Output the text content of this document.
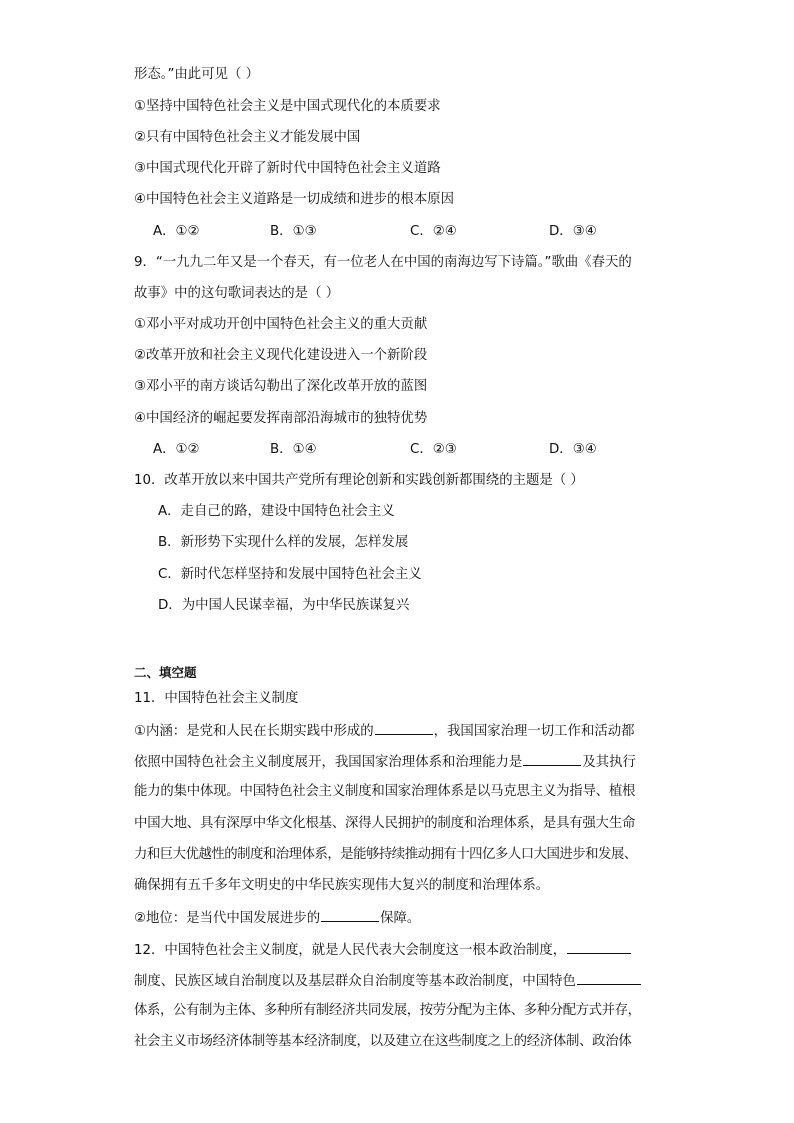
形态。”由此可见（ ）
①坚持中国特色社会主义是中国式现代化的本质要求
②只有中国特色社会主义才能发展中国
③中国式现代化开辟了新时代中国特色社会主义道路
④中国特色社会主义道路是一切成绩和进步的根本原因
A．①②	B．①③	C．②④	D．③④
9．“一九九二年又是一个春天，有一位老人在中国的南海边写下诗篇。”歌曲《春天的
故事》中的这句歌词表达的是（ ）
①邓小平对成功开创中国特色社会主义的重大贡献
②改革开放和社会主义现代化建设进入一个新阶段
③邓小平的南方谈话勾勒出了深化改革开放的蓝图
④中国经济的崛起要发挥南部沿海城市的独特优势
A．①②	B．①④	C．②③	D．③④
10．改革开放以来中国共产党所有理论创新和实践创新都围绕的主题是（ ）
A．走自己的路，建设中国特色社会主义
B．新形势下实现什么样的发展，怎样发展
C．新时代怎样坚持和发展中国特色社会主义
D．为中国人民谋幸福，为中华民族谋复兴
二、填空题
11．中国特色社会主义制度
①内涵：是党和人民在长期实践中形成的	，我国国家治理一切工作和活动都
依照中国特色社会主义制度展开，我国国家治理体系和治理能力是	及其执行
能力的集中体现。中国特色社会主义制度和国家治理体系是以马克思主义为指导、植根
中国大地、具有深厚中华文化根基、深得人民拥护的制度和治理体系，是具有强大生命
力和巨大优越性的制度和治理体系，是能够持续推动拥有十四亿多人口大国进步和发展、
确保拥有五千多年文明史的中华民族实现伟大复兴的制度和治理体系。
②地位：是当代中国发展进步的	保障。
12．中国特色社会主义制度，就是人民代表大会制度这一根本政治制度，
制度、民族区域自治制度以及基层群众自治制度等基本政治制度，中国特色
体系，公有制为主体、多种所有制经济共同发展，按劳分配为主体、多种分配方式并存，
社会主义市场经济体制等基本经济制度，以及建立在这些制度之上的经济体制、政治体
